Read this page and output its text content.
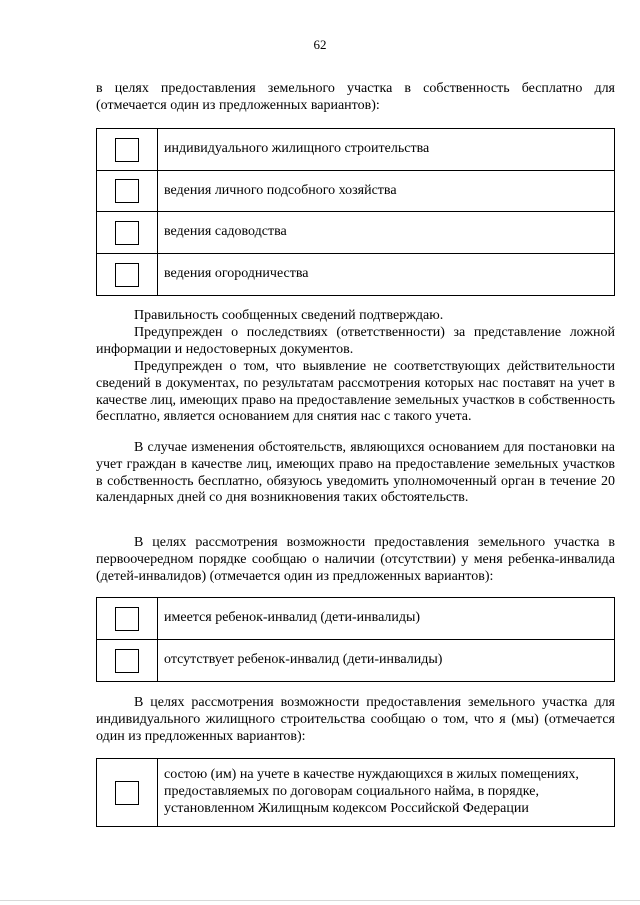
62

в целях предоставления земельного участка в собственность бесплатно для (отмечается один из предложенных вариантов):

	индивидуального жилищного строительства

	ведения личного подсобного хозяйства

	ведения садоводства

	ведения огородничества

Правильность сообщенных сведений подтверждаю.

Предупрежден о последствиях (ответственности) за представление ложной информации и недостоверных документов.

Предупрежден о том, что выявление не соответствующих действительности сведений в документах, по результатам рассмотрения которых нас поставят на учет в качестве лиц, имеющих право на предоставление земельных участков в собственность бесплатно, является основанием для снятия нас с такого учета.

В случае изменения обстоятельств, являющихся основанием для постановки на учет граждан в качестве лиц, имеющих право на предоставление земельных участков в собственность бесплатно, обязуюсь уведомить уполномоченный орган в течение 20 календарных дней со дня возникновения таких обстоятельств.

В целях рассмотрения возможности предоставления земельного участка в первоочередном порядке сообщаю о наличии (отсутствии) у меня ребенка-инвалида (детей-инвалидов) (отмечается один из предложенных вариантов):

	имеется ребенок-инвалид (дети-инвалиды)

	отсутствует ребенок-инвалид (дети-инвалиды)

В целях рассмотрения возможности предоставления земельного участка для индивидуального жилищного строительства сообщаю о том, что я (мы) (отмечается один из предложенных вариантов):

	состою (им) на учете в качестве нуждающихся в жилых помещениях, предоставляемых по договорам социального найма, в порядке, установленном Жилищным кодексом Российской Федерации
